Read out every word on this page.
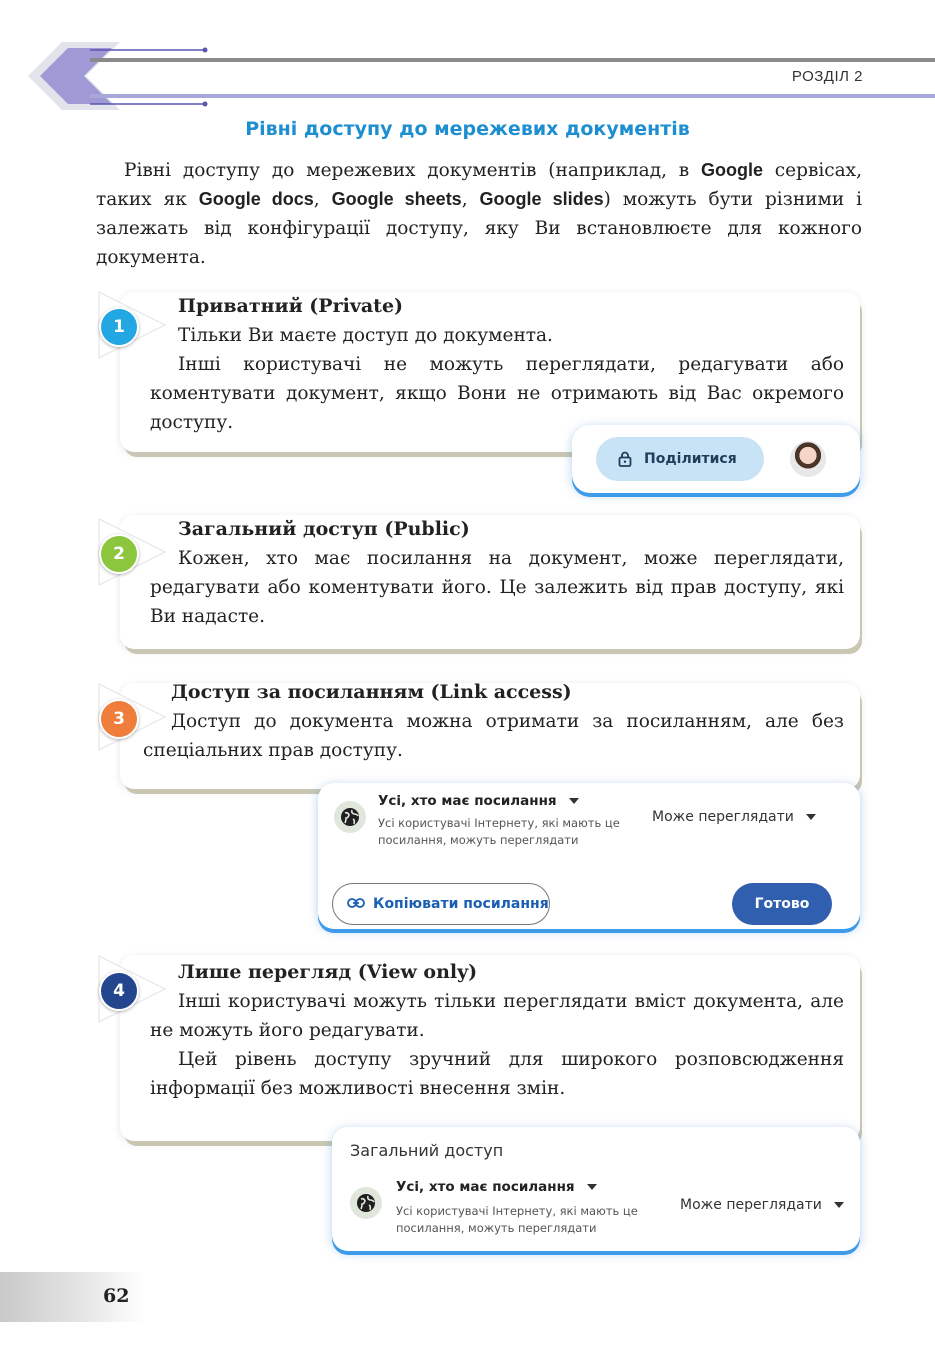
РОЗДІЛ 2
Рівні доступу до мережевих документів

Рівні доступу до мережевих документів (наприклад, в Google сервісах, таких як Google docs, Google sheets, Google slides) можуть бути різними і залежать від конфігурації доступу, яку Ви встановлюєте для кожного документа.

1

Приватний (Private)

Тільки Ви маєте доступ до документа.

Інші користувачі не можуть переглядати, редагувати або коментувати документ, якщо Вони не отримають від Вас окремого доступу.

Поділитися
2

Загальний доступ (Public)

Кожен, хто має посилання на документ, може переглядати, редагувати або коментувати його. Це залежить від прав доступу, які Ви надасте.

3

Доступ за посиланням (Link access)

Доступ до документа можна отримати за посиланням, але без спеціальних прав доступу.

Усі, хто має посилання
Усі користувачі Інтернету, які мають це
посилання, можуть переглядати
Може переглядати
Копіювати посилання	Готово
4

Лише перегляд (View only)

Інші користувачі можуть тільки переглядати вміст документа, але не можуть його редагувати.

Цей рівень доступу зручний для широкого розповсюдження інформації без можливості внесення змін.

Загальний доступ
Усі, хто має посилання
Усі користувачі Інтернету, які мають це
посилання, можуть переглядати
Може переглядати
62
